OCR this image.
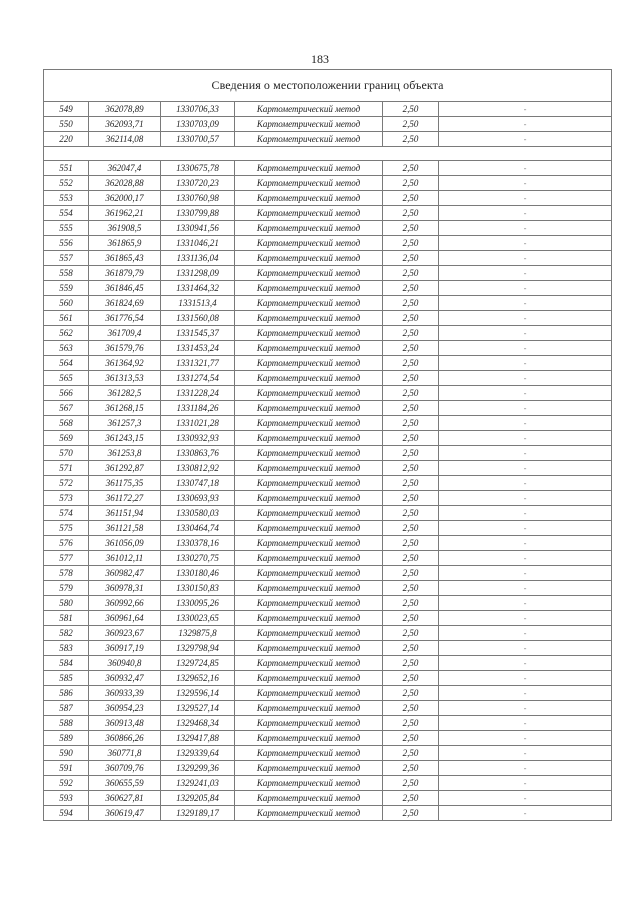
183
Сведения о местоположении границ объекта					
549	362078,89	1330706,33	Картометрический метод	2,50	-
550	362093,71	1330703,09	Картометрический метод	2,50	-
220	362114,08	1330700,57	Картометрический метод	2,50	-

551	362047,4	1330675,78	Картометрический метод	2,50	-
552	362028,88	1330720,23	Картометрический метод	2,50	-
553	362000,17	1330760,98	Картометрический метод	2,50	-
554	361962,21	1330799,88	Картометрический метод	2,50	-
555	361908,5	1330941,56	Картометрический метод	2,50	-
556	361865,9	1331046,21	Картометрический метод	2,50	-
557	361865,43	1331136,04	Картометрический метод	2,50	-
558	361879,79	1331298,09	Картометрический метод	2,50	-
559	361846,45	1331464,32	Картометрический метод	2,50	-
560	361824,69	1331513,4	Картометрический метод	2,50	-
561	361776,54	1331560,08	Картометрический метод	2,50	-
562	361709,4	1331545,37	Картометрический метод	2,50	-
563	361579,76	1331453,24	Картометрический метод	2,50	-
564	361364,92	1331321,77	Картометрический метод	2,50	-
565	361313,53	1331274,54	Картометрический метод	2,50	-
566	361282,5	1331228,24	Картометрический метод	2,50	-
567	361268,15	1331184,26	Картометрический метод	2,50	-
568	361257,3	1331021,28	Картометрический метод	2,50	-
569	361243,15	1330932,93	Картометрический метод	2,50	-
570	361253,8	1330863,76	Картометрический метод	2,50	-
571	361292,87	1330812,92	Картометрический метод	2,50	-
572	361175,35	1330747,18	Картометрический метод	2,50	-
573	361172,27	1330693,93	Картометрический метод	2,50	-
574	361151,94	1330580,03	Картометрический метод	2,50	-
575	361121,58	1330464,74	Картометрический метод	2,50	-
576	361056,09	1330378,16	Картометрический метод	2,50	-
577	361012,11	1330270,75	Картометрический метод	2,50	-
578	360982,47	1330180,46	Картометрический метод	2,50	-
579	360978,31	1330150,83	Картометрический метод	2,50	-
580	360992,66	1330095,26	Картометрический метод	2,50	-
581	360961,64	1330023,65	Картометрический метод	2,50	-
582	360923,67	1329875,8	Картометрический метод	2,50	-
583	360917,19	1329798,94	Картометрический метод	2,50	-
584	360940,8	1329724,85	Картометрический метод	2,50	-
585	360932,47	1329652,16	Картометрический метод	2,50	-
586	360933,39	1329596,14	Картометрический метод	2,50	-
587	360954,23	1329527,14	Картометрический метод	2,50	-
588	360913,48	1329468,34	Картометрический метод	2,50	-
589	360866,26	1329417,88	Картометрический метод	2,50	-
590	360771,8	1329339,64	Картометрический метод	2,50	-
591	360709,76	1329299,36	Картометрический метод	2,50	-
592	360655,59	1329241,03	Картометрический метод	2,50	-
593	360627,81	1329205,84	Картометрический метод	2,50	-
594	360619,47	1329189,17	Картометрический метод	2,50	-
